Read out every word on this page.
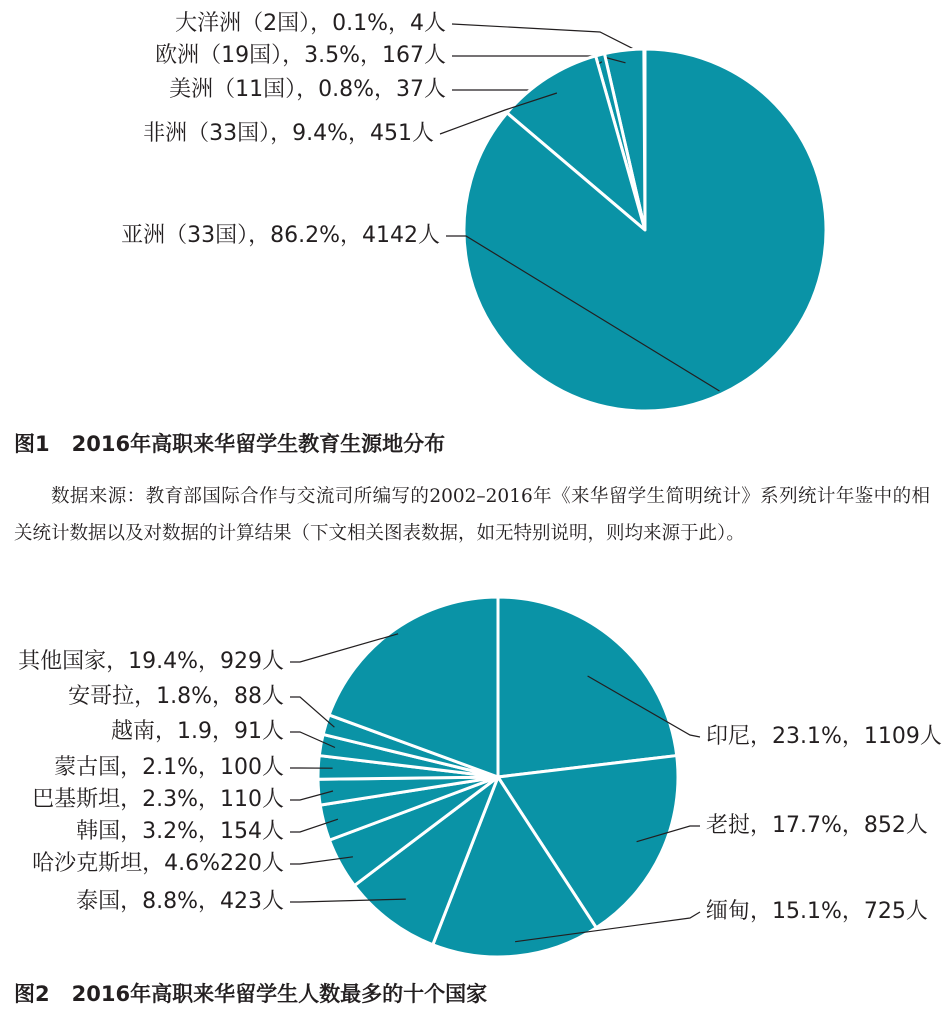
大洋洲（2国），0.1%，4人
欧洲（19国），3.5%，167人
美洲（11国），0.8%，37人
非洲（33国），9.4%，451人
亚洲（33国），86.2%，4142人
印尼，23.1%，1109人
老挝，17.7%，852人
缅甸，15.1%，725人
泰国，8.8%，423人
哈沙克斯坦，4.6%220人
韩国，3.2%，154人
巴基斯坦，2.3%，110人
蒙古国，2.1%，100人
越南，1.9，91人
安哥拉，1.8%，88人
其他国家，19.4%，929人
图1 2016年高职来华留学生教育生源地分布
数据来源：教育部国际合作与交流司所编写的2002–2016年《来华留学生简明统计》系列统计年鉴中的相关统计数据以及对数据的计算结果（下文相关图表数据，如无特别说明，则均来源于此）。
图2 2016年高职来华留学生人数最多的十个国家
